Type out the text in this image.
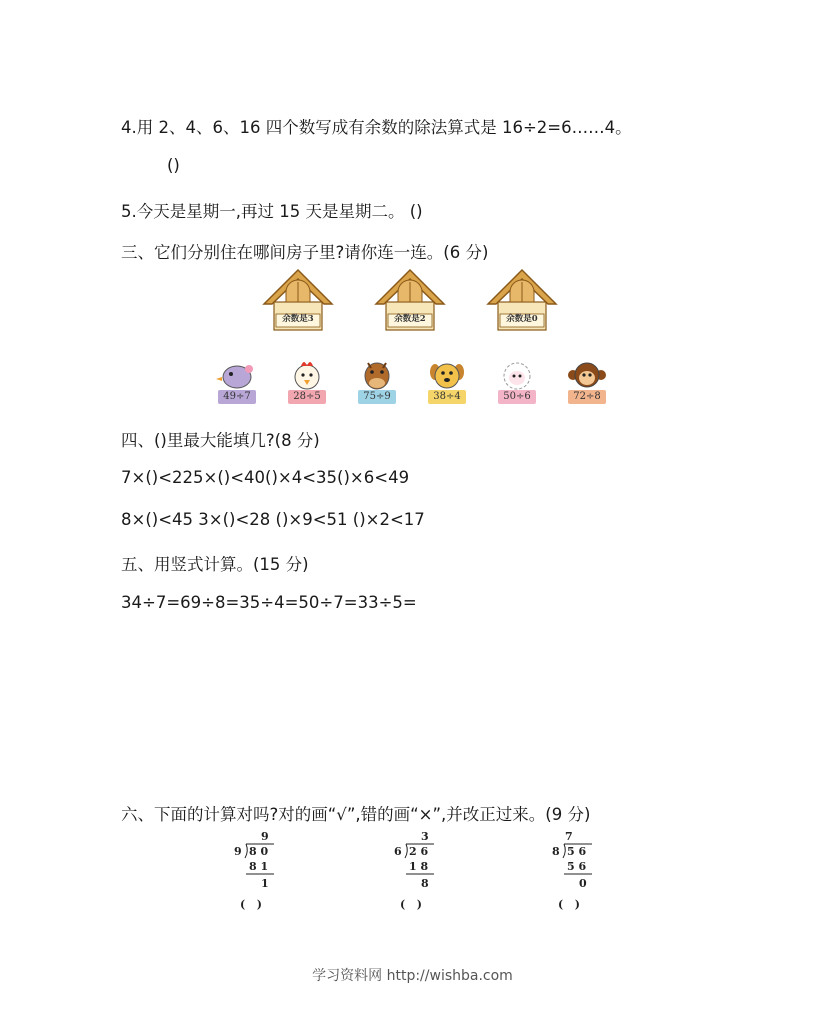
4.用 2、4、6、16 四个数写成有余数的除法算式是 16÷2=6……4。
()
5.今天是星期一,再过 15 天是星期二。 ()
三、它们分别住在哪间房子里?请你连一连。(6 分)
余数是3	余数是2	余数是0
49÷7	28÷5	75÷9	38÷4	50÷6	72÷8
四、()里最大能填几?(8 分)
7×()<225×()<40()×4<35()×6<49
8×()<45 3×()<28 ()×9<51 ()×2<17
五、用竖式计算。(15 分)
34÷7=69÷8=35÷4=50÷7=33÷5=
六、下面的计算对吗?对的画“√”,错的画“×”,并改正过来。(9 分)
9
9 8 0
8 1
1
(   )
3
6 2 6
1 8
8
(   )
7
8 5 6
5 6
0
(   )
学习资料网 http://wishba.com
